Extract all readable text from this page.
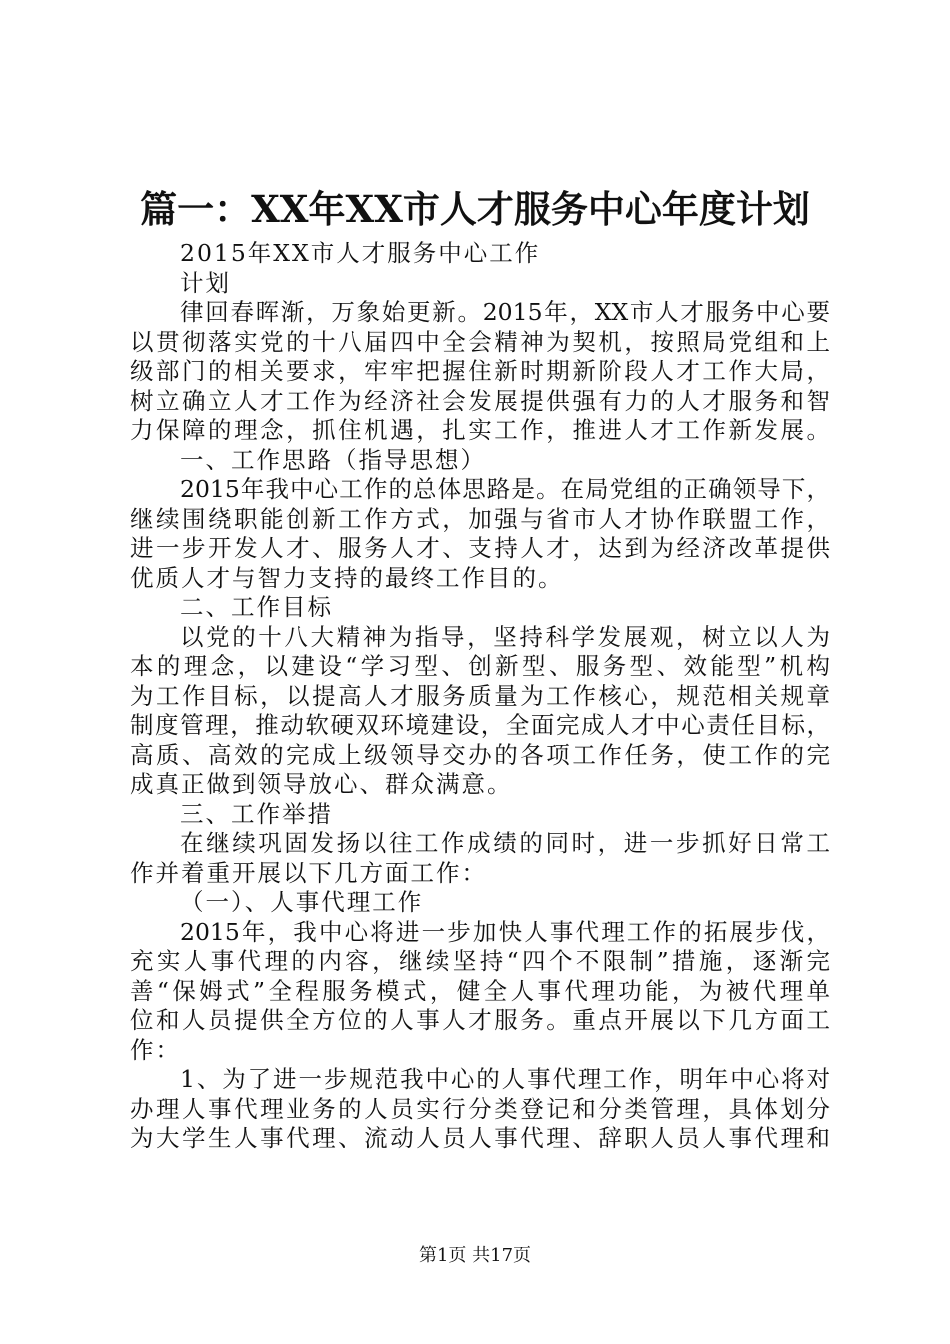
篇一：XX年XX市人才服务中心年度计划
2015年XX市人才服务中心工作
计划
律回春晖渐，万象始更新。2015年，XX市人才服务中心要
以贯彻落实党的十八届四中全会精神为契机，按照局党组和上
级部门的相关要求，牢牢把握住新时期新阶段人才工作大局，
树立确立人才工作为经济社会发展提供强有力的人才服务和智
力保障的理念，抓住机遇，扎实工作，推进人才工作新发展。
一、工作思路（指导思想）
2015年我中心工作的总体思路是。在局党组的正确领导下，
继续围绕职能创新工作方式，加强与省市人才协作联盟工作，
进一步开发人才、服务人才、支持人才，达到为经济改革提供
优质人才与智力支持的最终工作目的。
二、工作目标
以党的十八大精神为指导，坚持科学发展观，树立以人为
本的理念，以建设“学习型、创新型、服务型、效能型”机构
为工作目标，以提高人才服务质量为工作核心，规范相关规章
制度管理，推动软硬双环境建设，全面完成人才中心责任目标，
高质、高效的完成上级领导交办的各项工作任务，使工作的完
成真正做到领导放心、群众满意。
三、工作举措
在继续巩固发扬以往工作成绩的同时，进一步抓好日常工
作并着重开展以下几方面工作：
（一）、人事代理工作
2015年，我中心将进一步加快人事代理工作的拓展步伐，
充实人事代理的内容，继续坚持“四个不限制”措施，逐渐完
善“保姆式”全程服务模式，健全人事代理功能，为被代理单
位和人员提供全方位的人事人才服务。重点开展以下几方面工
作：
1、为了进一步规范我中心的人事代理工作，明年中心将对
办理人事代理业务的人员实行分类登记和分类管理，具体划分
为大学生人事代理、流动人员人事代理、辞职人员人事代理和
第1页 共17页
